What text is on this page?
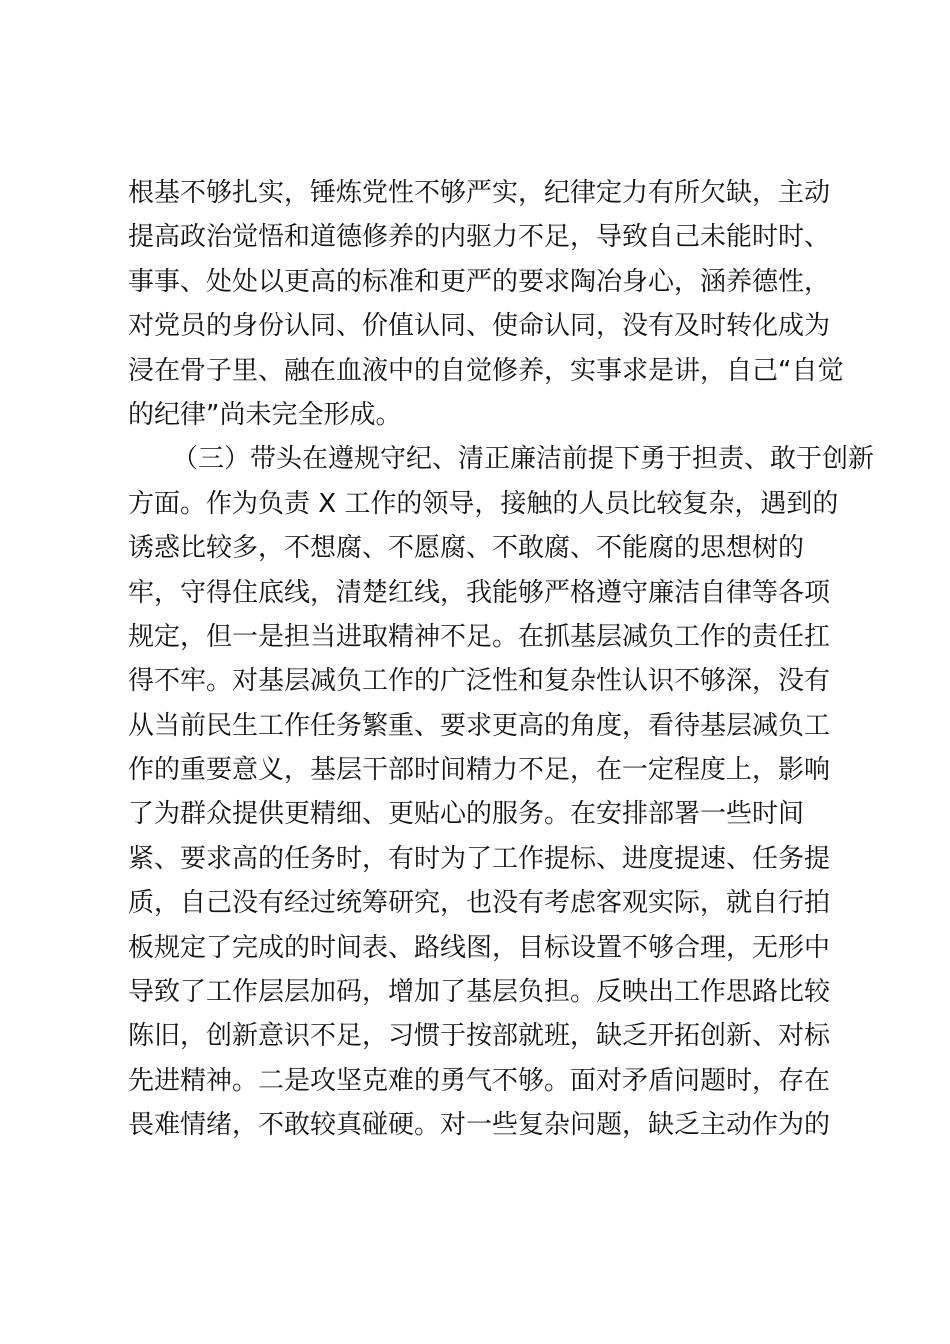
根基不够扎实，锤炼党性不够严实，纪律定力有所欠缺，主动
提高政治觉悟和道德修养的内驱力不足，导致自己未能时时、
事事、处处以更高的标准和更严的要求陶冶身心，涵养德性，
对党员的身份认同、价值认同、使命认同，没有及时转化成为
浸在骨子里、融在血液中的自觉修养，实事求是讲，自己“自觉
的纪律”尚未完全形成。
（三）带头在遵规守纪、清正廉洁前提下勇于担责、敢于创新
方面。作为负责 X 工作的领导，接触的人员比较复杂，遇到的
诱惑比较多，不想腐、不愿腐、不敢腐、不能腐的思想树的
牢，守得住底线，清楚红线，我能够严格遵守廉洁自律等各项
规定，但一是担当进取精神不足。在抓基层减负工作的责任扛
得不牢。对基层减负工作的广泛性和复杂性认识不够深，没有
从当前民生工作任务繁重、要求更高的角度，看待基层减负工
作的重要意义，基层干部时间精力不足，在一定程度上，影响
了为群众提供更精细、更贴心的服务。在安排部署一些时间
紧、要求高的任务时，有时为了工作提标、进度提速、任务提
质，自己没有经过统筹研究，也没有考虑客观实际，就自行拍
板规定了完成的时间表、路线图，目标设置不够合理，无形中
导致了工作层层加码，增加了基层负担。反映出工作思路比较
陈旧，创新意识不足，习惯于按部就班，缺乏开拓创新、对标
先进精神。二是攻坚克难的勇气不够。面对矛盾问题时，存在
畏难情绪，不敢较真碰硬。对一些复杂问题，缺乏主动作为的
